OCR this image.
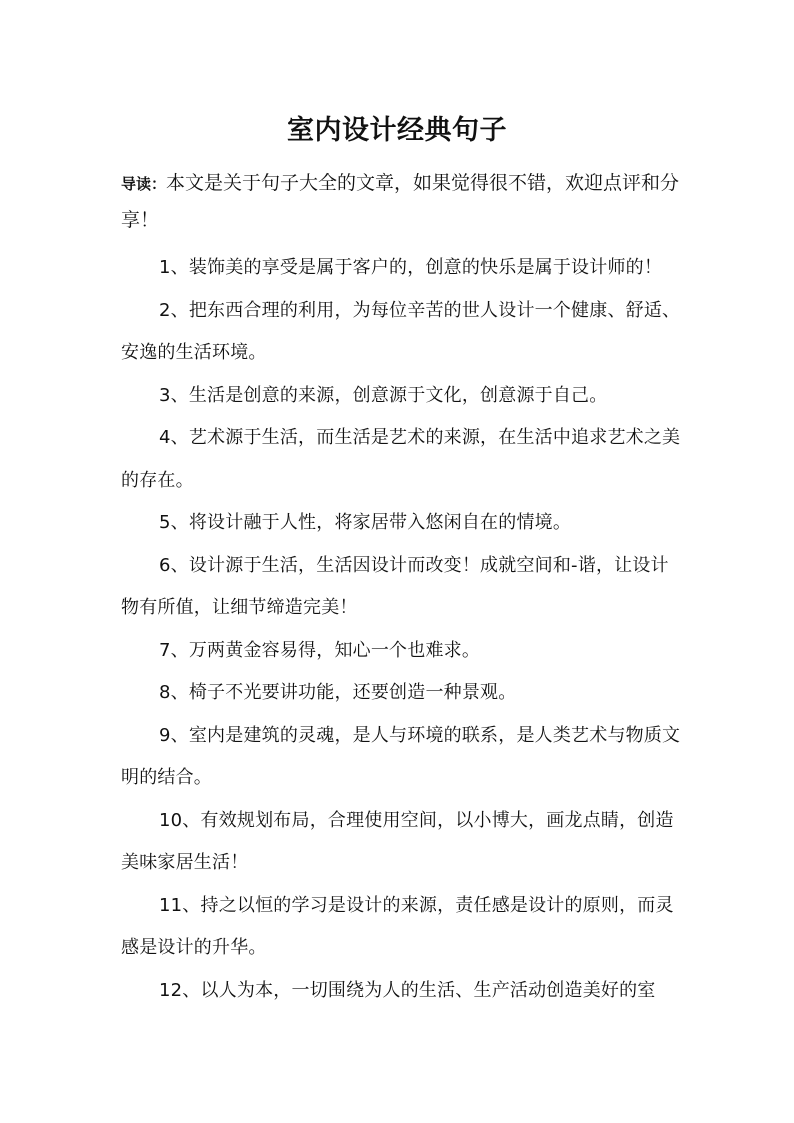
室内设计经典句子
导读：本文是关于句子大全的文章，如果觉得很不错，欢迎点评和分享！
1、装饰美的享受是属于客户的，创意的快乐是属于设计师的！
2、把东西合理的利用，为每位辛苦的世人设计一个健康、舒适、安逸的生活环境。
3、生活是创意的来源，创意源于文化，创意源于自己。
4、艺术源于生活，而生活是艺术的来源，在生活中追求艺术之美的存在。
5、将设计融于人性，将家居带入悠闲自在的情境。
6、设计源于生活，生活因设计而改变！成就空间和-谐，让设计物有所值，让细节缔造完美！
7、万两黄金容易得，知心一个也难求。
8、椅子不光要讲功能，还要创造一种景观。
9、室内是建筑的灵魂，是人与环境的联系，是人类艺术与物质文明的结合。
10、有效规划布局，合理使用空间，以小博大，画龙点睛，创造美味家居生活！
11、持之以恒的学习是设计的来源，责任感是设计的原则，而灵感是设计的升华。
12、以人为本，一切围绕为人的生活、生产活动创造美好的室
